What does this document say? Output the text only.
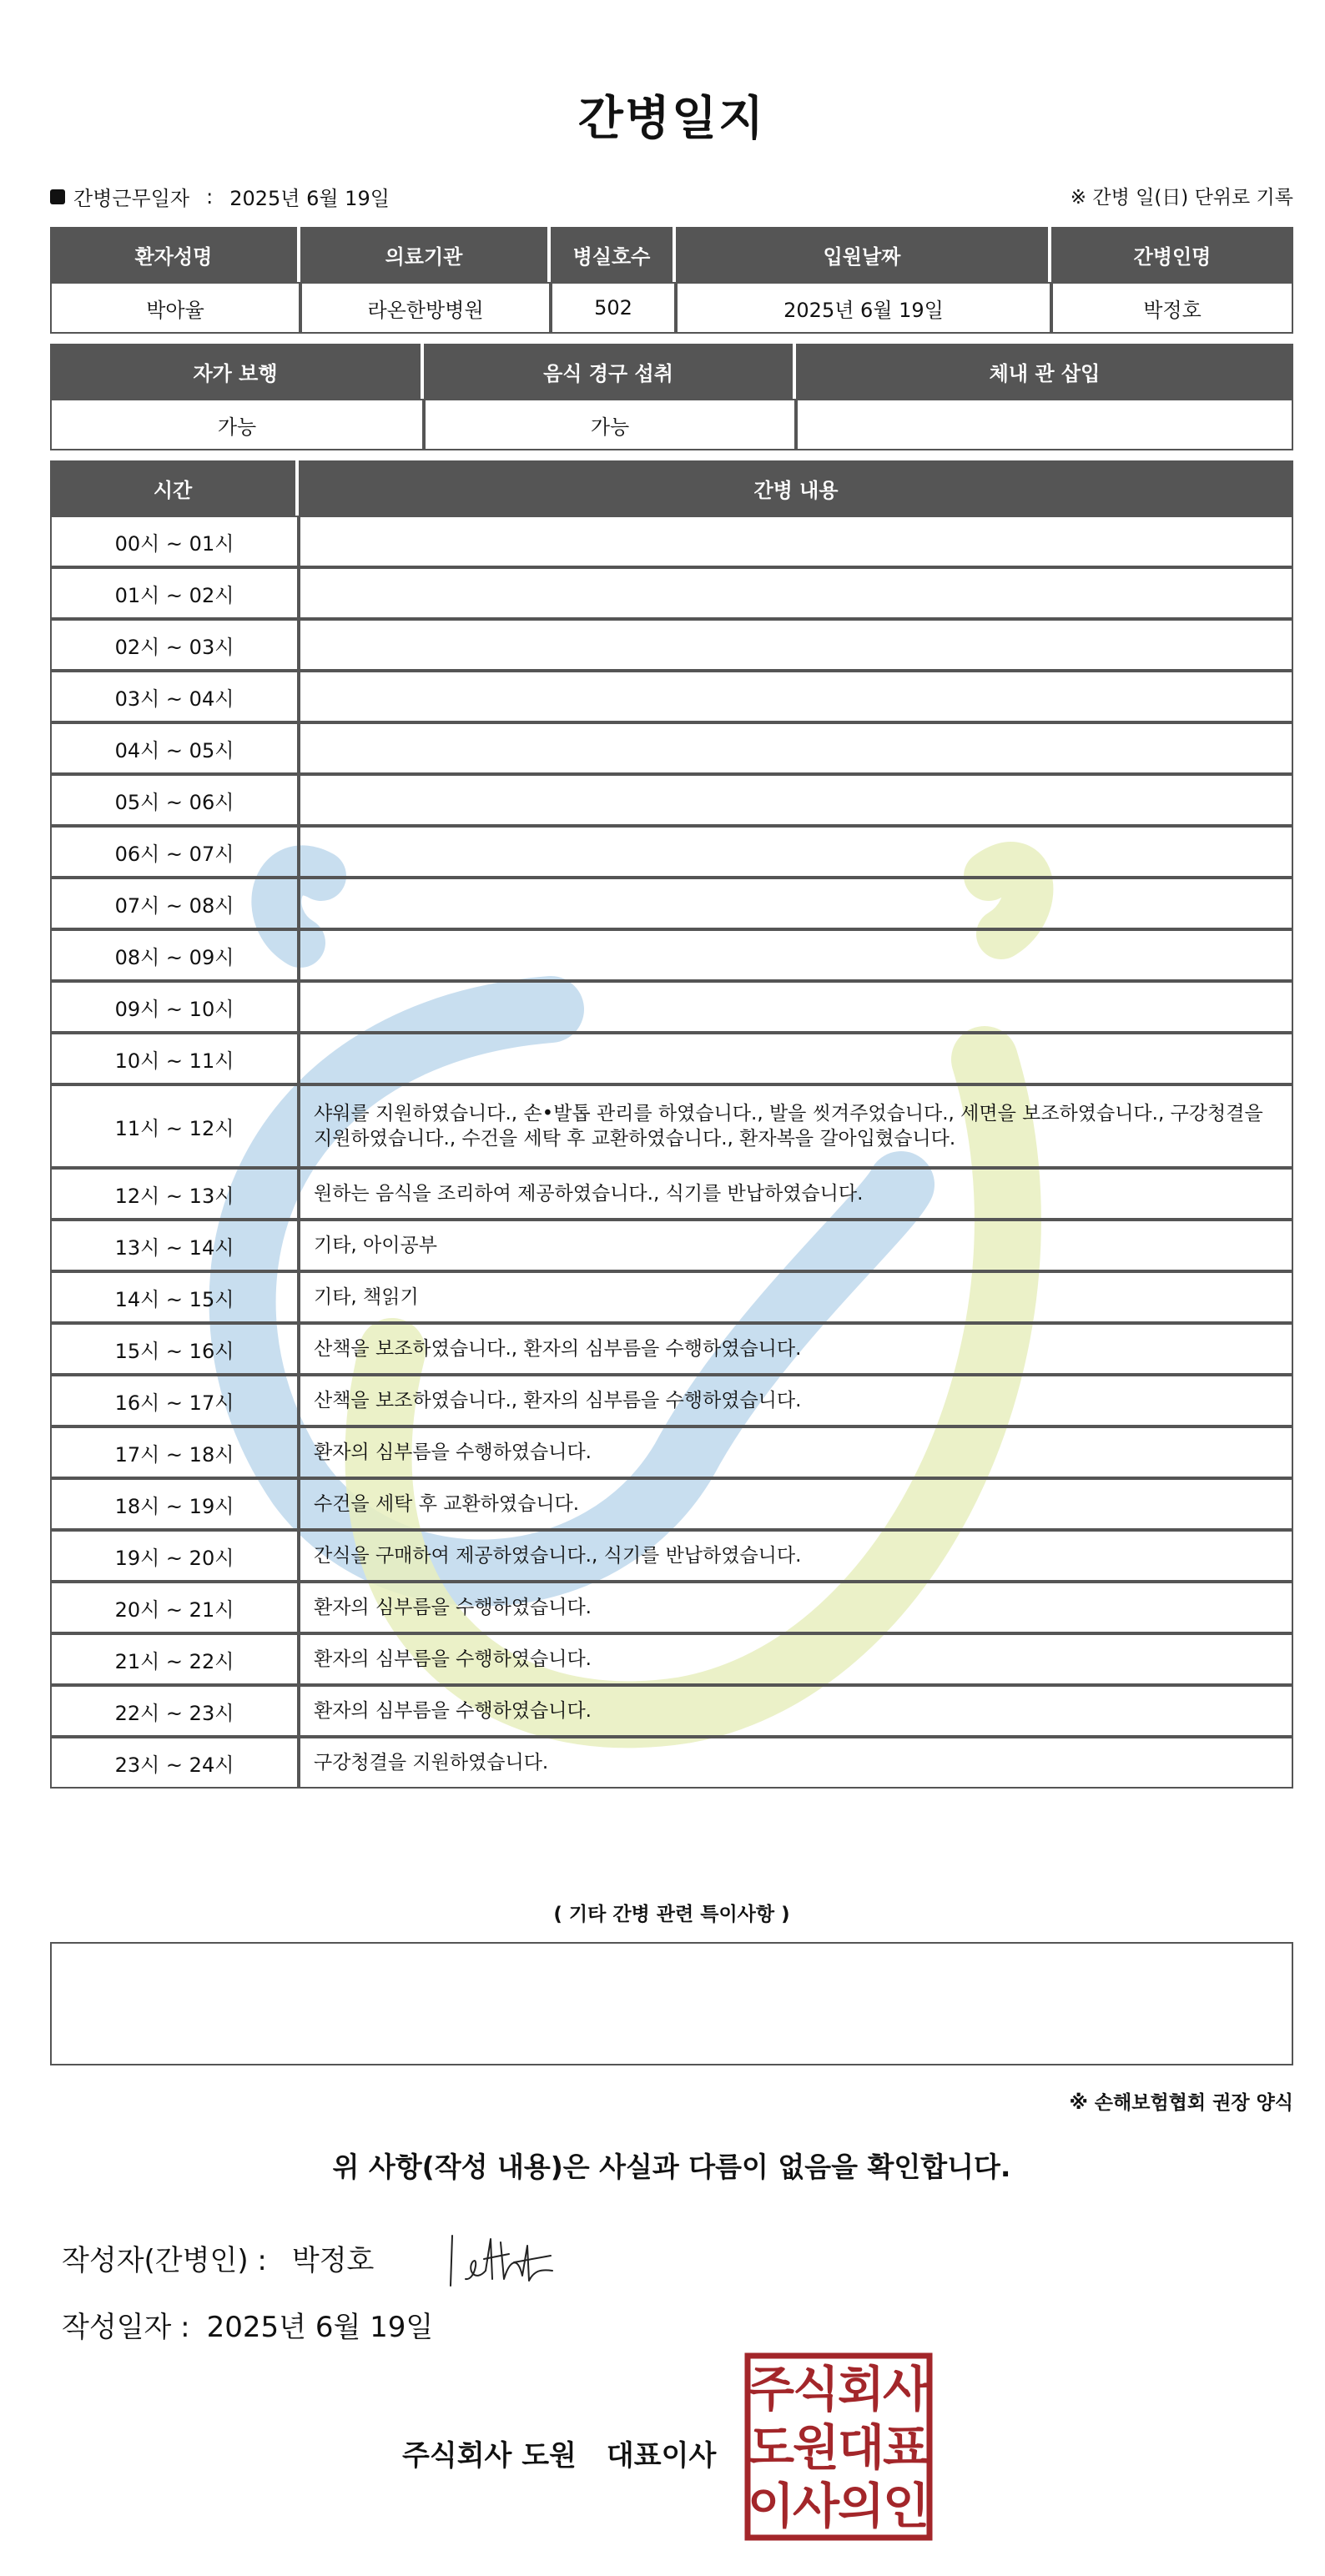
간병일지
간병근무일자 : 2025년 6월 19일	※ 간병 일(日) 단위로 기록
환자성명	의료기관	병실호수	입원날짜	간병인명
박아율	라온한방병원	502	2025년 6월 19일	박정호
자가 보행	음식 경구 섭취	체내 관 삽입
가능	가능	
시간	간병 내용
00시 ~ 01시	
01시 ~ 02시	
02시 ~ 03시	
03시 ~ 04시	
04시 ~ 05시	
05시 ~ 06시	
06시 ~ 07시	
07시 ~ 08시	
08시 ~ 09시	
09시 ~ 10시	
10시 ~ 11시	
11시 ~ 12시	샤워를 지원하였습니다., 손•발톱 관리를 하였습니다., 발을 씻겨주었습니다., 세면을 보조하였습니다., 구강청결을 지원하였습니다., 수건을 세탁 후 교환하였습니다., 환자복을 갈아입혔습니다.
12시 ~ 13시	원하는 음식을 조리하여 제공하였습니다., 식기를 반납하였습니다.
13시 ~ 14시	기타, 아이공부
14시 ~ 15시	기타, 책읽기
15시 ~ 16시	산책을 보조하였습니다., 환자의 심부름을 수행하였습니다.
16시 ~ 17시	산책을 보조하였습니다., 환자의 심부름을 수행하였습니다.
17시 ~ 18시	환자의 심부름을 수행하였습니다.
18시 ~ 19시	수건을 세탁 후 교환하였습니다.
19시 ~ 20시	간식을 구매하여 제공하였습니다., 식기를 반납하였습니다.
20시 ~ 21시	환자의 심부름을 수행하였습니다.
21시 ~ 22시	환자의 심부름을 수행하였습니다.
22시 ~ 23시	환자의 심부름을 수행하였습니다.
23시 ~ 24시	구강청결을 지원하였습니다.
( 기타 간병 관련 특이사항 )
※ 손해보험협회 권장 양식
위 사항(작성 내용)은 사실과 다름이 없음을 확인합니다.
작성자(간병인) : 박정호
작성일자 : 2025년 6월 19일
주식회사 도원 대표이사
주
식
회
사
도
원
대
표
이
사
의
인
